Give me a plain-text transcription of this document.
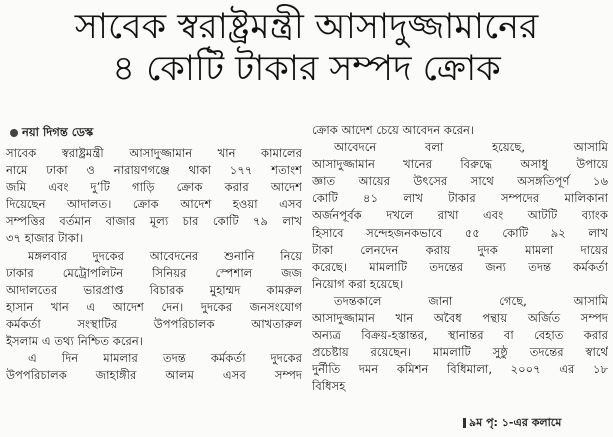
সাবেক স্বরাষ্ট্রমন্ত্রী আসাদুজ্জামানের
৪ কোটি টাকার সম্পদ ক্রোক
নয়া দিগন্ত ডেস্ক
সাবেক স্বরাষ্ট্রমন্ত্রী আসাদুজ্জামান খান কামালের
নামে ঢাকা ও নারায়ণগঞ্জে থাকা ১৭৭ শতাংশ
জমি এবং দু’টি গাড়ি ক্রোক করার আদেশ
দিয়েছেন আদালত। ক্রোক আদেশ হওয়া এসব
সম্পত্তির বর্তমান বাজার মূল্য চার কোটি ৭৯ লাখ
৩৭ হাজার টাকা।
মঙ্গলবার দুদকের আবেদনের শুনানি নিয়ে
ঢাকার মেট্রোপলিটন সিনিয়র স্পেশাল জজ
আদালতের ভারপ্রাপ্ত বিচারক মুহাম্মদ কামরুল
হাসান খান এ আদেশ দেন। দুদকের জনসংযোগ
কর্মকর্তা সংস্থাটির উপপরিচালক আখতারুল
ইসলাম এ তথ্য নিশ্চিত করেন।
এ দিন মামলার তদন্ত কর্মকর্তা দুদকের
উপপরিচালক জাহাঙ্গীর আলম এসব সম্পদ
ক্রোক আদেশ চেয়ে আবেদন করেন।
আবেদনে বলা হয়েছে, আসামি
আসাদুজ্জামান খানের বিরুদ্ধে অসাধু উপায়ে
জ্ঞাত আয়ের উৎসের সাথে অসঙ্গতিপূর্ণ ১৬
কোটি ৪১ লাখ টাকার সম্পদের মালিকানা
অর্জনপূর্বক দখলে রাখা এবং আটটি ব্যাংক
হিসাবে সন্দেহজনকভাবে ৫৫ কোটি ৯২ লাখ
টাকা লেনদেন করায় দুদক মামলা দায়ের
করেছে। মামলাটি তদন্তের জন্য তদন্ত কর্মকর্তা
নিয়োগ করা হয়েছে।
তদন্তকালে জানা গেছে, আসামি
আসাদুজ্জামান খান অবৈধ পন্থায় অর্জিত সম্পদ
অন্যত্র বিক্রয়-হস্তান্তর, স্থানান্তর বা বেহাত করার
প্রচেষ্টায় রয়েছেন। মামলাটি সুষ্ঠু তদন্তের স্বার্থে
দুর্নীতি দমন কমিশন বিধিমালা, ২০০৭ এর ১৮
বিধিসহ
৯ম পৃ: ১-এর কলামে
